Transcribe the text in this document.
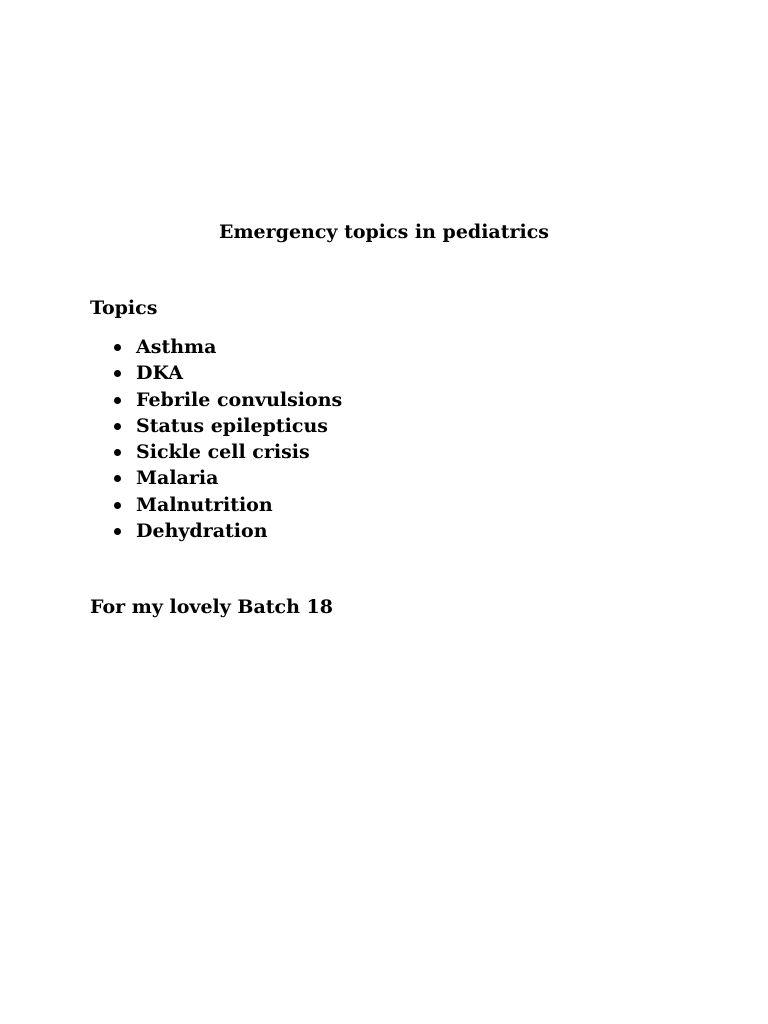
Emergency topics in pediatrics
Topics
Asthma
DKA
Febrile convulsions
Status epilepticus
Sickle cell crisis
Malaria
Malnutrition
Dehydration

For my lovely Batch 18
